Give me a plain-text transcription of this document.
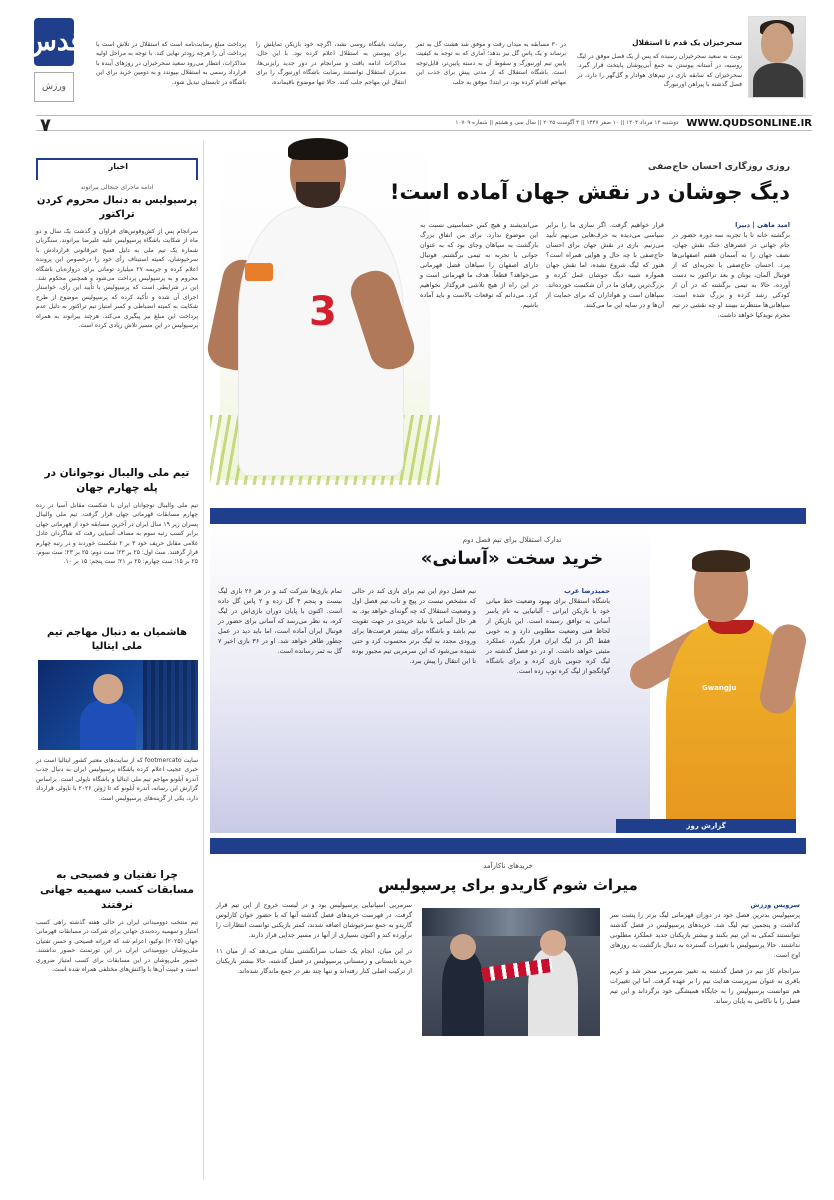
قدس
ورزش
سحرخیزان یک قدم تا استقلال
نوبت به سعید سحرخیزان رسیده که پس از یک فصل موفق در لیگ روسیه، در آستانه پیوستن به جمع آبی‌پوشان پایتخت قرار گیرد. سحرخیزان که سابقه بازی در تیم‌های هوادار و گل‌گهر را دارد، در فصل گذشته با پیراهن اورنبورگ
در ۳۰ مسابقه به میدان رفت و موفق شد هشت گل به ثمر برساند و یک پاس گل نیز بدهد؛ آماری که به توجه به کیفیت پایین تیم اورنبورگ و سقوط آن به دسته پایین‌تر، قابل‌توجه است. باشگاه استقلال که از مدتی پیش برای جذب این مهاجم اقدام کرده بود، در ابتدا؛ موفق به جلب
رضایت باشگاه روسی نشد، اگرچه خود بازیکن تمایلش را برای پیوستن به استقلال اعلام کرده بود. با این حال، مذاکرات ادامه یافت و سرانجام در دور جدید رایزنی‌ها، مدیران استقلال توانستند رضایت باشگاه اورنبورگ را برای انتقال این مهاجم جلب کنند. حالا تنها موضوع باقیمانده،
پرداخت مبلغ رضایت‌نامه است که استقلال در تلاش است با پرداخت آن را هرچه زودتر نهایی کند. با توجه به مراحل اولیه مذاکرات، انتظار می‌رود سعید سحرخیزان در روزهای آینده با قرارداد رسمی به استقلال بپیوندد و به دومین خرید برای این باشگاه در تابستان تبدیل شود.
WWW.QUDSONLINE.IR
دوشنبه ۱۳ مرداد ۱۴۰۴ || ۱۰ صفر ۱۴۴۷ || ۴ آگوست ۲۰۲۵ || سال سی و هشتم || شماره ۱۰۷۰۹
۷
اخبار
ادامه ماجرای جنجالی بیرانوند
پرسپولیس به دنبال محروم کردن تراکتور
سرانجام پس از کش‌وقوس‌های فراوان و گذشت یک سال و دو ماه از شکایت باشگاه پرسپولیس علیه علیرضا بیرانوند، سنگربان شماره یک تیم ملی به دلیل فسخ غیرقانونی قراردادش با سرخپوشان، کمیته استیناف رأی خود را درخصوص این پرونده اعلام کرده و جریمه ۲۷ میلیارد تومانی برای دروازه‌بان باشگاه محروم و به پرسپولیس پرداخت می‌شود و همچنین محکوم شد. این در شرایطی است که پرسپولیس با تأیید این رأی، خواستار اجرای آن شده و تأکید کرده که پرسپولیس موضوع از طرح شکایت به کمیته انضباطی و کسر امتیاز تیم تراکتور به دلیل عدم پرداخت این مبلغ نیز پیگیری می‌کند. هرچند بیرانوند به همراه پرسپولیس در این مسیر تلاش زیادی کرده است.
تیم ملی والیبال نوجوانان در پله چهارم جهان
تیم ملی والیبال نوجوانان ایران با شکست مقابل آسیا در رده چهارم مسابقات قهرمانی جهان قرار گرفت. تیم ملی والیبال پسران زیر ۱۹ سال ایران در آخرین مسابقه خود از قهرمانی جهان برابر کسب رتبه سوم به مصاف آسیایی رفت که شاگردان عادل غلامی مقابل حریف خود ۳ بر ۲ شکست خوردند و در رتبه چهارم قرار گرفتند. ست اول: ۲۵ بر ۲۳؛ ست دوم: ۲۵ بر ۲۳؛ ست سوم: ۲۵ بر ۱۵؛ ست چهارم: ۲۵ بر ۲۱؛ ست پنجم: ۱۵ بر ۱۰.
هاشمیان به دنبال مهاجم تیم ملی ایتالیا
سایت footmercato که از سایت‌های معتبر کشور ایتالیا است در خبری عجیب اعلام کرده باشگاه پرسپولیس ایران به دنبال جذب آندره آبلونو مهاجم تیم ملی ایتالیا و باشگاه ناپولی است. براساس گزارش این رسانه، آندره آبلونو که تا ژوئن ۲۰۲۶ با ناپولی قرارداد دارد، یکی از گزینه‌های پرسپولیس است.
چرا تفتیان و فصیحی به مسابقات کسب سهمیه جهانی نرفتند
تیم منتخب دوومیدانی ایران در حالی هفته گذشته راهی کسب امتیاز و سهمیه رده‌بندی جهانی برای شرکت در مسابقات قهرمانی جهان (۲۰۲۵) توکیو، اعزام شد که فرزانه فصیحی و حسن تفتیان ملی‌پوشان دوومیدانی ایران در این تورنمنت حضور نداشتند. حضور ملی‌پوشان در این مسابقات برای کسب امتیاز ضروری است و غیبت آن‌ها با واکنش‌های مختلفی همراه شده است.
3
روزی روزگاری احسان حاج‌صفی
دیگ جوشان در نقش جهان آماده است!
امید ماهی | دبیرا
برگشته خانه تا با تجربه سه دوره حضور در جام جهانی در عصرهای خنک نقش جهان، نصف جهان را به آسمان هفتم اصفهانی‌ها ببرد. احسان حاج‌صفی با تجربه‌ای که از فوتبال آلمان، یونان و بعد تراکتور به دست آورده، حالا به تیمی برگشته که در آن از کودکی رشد کرده و بزرگ شده است. سپاهانی‌ها منتظرند ببینند او چه نقشی در تیم محرم نویدکیا خواهد داشت.
قرار خواهیم گرفت. اگر سازی ما را برابر سیاسی می‌دیده به حرف‌هایی می‌نهم تأیید می‌زنیم. بازی در نقش جهان برای احسان حاج‌صفی با چه حال و هوایی همراه است؟ هنوز که لیگ شروع نشده، اما نقش جهان همواره شبیه دیگ جوشان عمل کرده و بزرگ‌ترین رقبای ما در آن شکست خورده‌اند. سپاهان است و هواداران که برای حمایت از آن‌ها و در سایه این ما می‌کنند.
می‌اندیشند و هیچ کس حساسیتی نسبت به این موضوع ندارد. برای من اتفاق بزرگ بازگشت به سپاهان وجای بود که به عنوان جوانی با تجربه به تیمی برگشتم. فوتبال دارای اصفهان را سپاهان فصل قهرمانی می‌خواهد؟ قطعاً. هدف ما قهرمانی است و در این راه از هیچ تلاشی فروگذار نخواهیم کرد. می‌دانم که توقعات بالاست و باید آماده باشیم.
تدارک استقلال برای تیم فصل دوم
خرید سخت «آسانی»
حمیدرضا عرب
باشگاه استقلال برای بهبود وضعیت خط میانی خود با بازیکن ایرانی - آلبانیایی به نام یاسر آسانی به توافق رسیده است. این بازیکن از لحاظ فنی وضعیت مطلوبی دارد و به خوبی فقط اگر در لیگ ایران قرار بگیرد، عملکرد مثبتی خواهد داشت. او در دو فصل گذشته در لیگ کره جنوبی بازی کرده و برای باشگاه گوانگجو از لیگ کره توپ زده است.
تیم فصل دوم این تیم برای بازی کند در حالی که مشخص نیست در پیچ و تاب تیم فصل اول و وضعیت استقلال که چه گونه‌ای خواهد بود. به هر حال آسانی با نیاید خریدی در جهت تقویت تیم باشد و باشگاه برای بیشتر فرصت‌ها برای ورودی مجدد به لیگ برتر محسوب کرد و حتی شنیده می‌شود که این سرمربی تیم مجبور بوده تا این انتقال را پیش ببرد.
تمام بازی‌ها شرکت کند و در هر ۲۶ بازی لیگ بیست و پنجم ۴ گل زده و ۲ پاس گل داده است. اکنون با پایان دوران بازی‌اش در لیگ کره، به نظر می‌رسد که آسانی برای حضور در فوتبال ایران آماده است، اما باید دید در عمل چطور ظاهر خواهد شد. او در ۳۶ بازی اخیر ۷ گل به ثمر رسانده است.
Gwangju
گزارش روز
خریدهای ناکارآمد
میراث شوم گاریدو برای پرسپولیس
سرویس ورزش
پرسپولیس بدترین فصل خود در دوران قهرمانی لیگ برتر را پشت سر گذاشت و پنجمین تیم لیگ شد. خریدهای پرسپولیس در فصل گذشته نتوانستند کمکی به این تیم بکنند و بیشتر بازیکنان جدید عملکرد مطلوبی نداشتند. حالا پرسپولیس با تغییرات گسترده به دنبال بازگشت به روزهای اوج است.
سرانجام کار تیم در فصل گذشته به تغییر سرمربی منجر شد و کریم باقری به عنوان سرپرست هدایت تیم را بر عهده گرفت. اما این تغییرات هم نتوانست پرسپولیس را به جایگاه همیشگی خود برگرداند و این تیم فصل را با ناکامی به پایان رساند.
سرمربی اسپانیایی پرسپولیس بود و در لیست خروج از این تیم قرار گرفت. در فهرست خریدهای فصل گذشته آنها که با حضور خوان کارلوس گاریدو به جمع سرخپوشان اضافه شدند، کمتر بازیکنی توانست انتظارات را برآورده کند و اکنون بسیاری از آنها در مسیر جدایی قرار دارند.
در این میان، انجام یک حساب سرانگشتی نشان می‌دهد که از میان ۱۱ خرید تابستانی و زمستانی پرسپولیس در فصل گذشته، حالا بیشتر بازیکنان از ترکیب اصلی کنار رفته‌اند و تنها چند نفر در جمع ماندگار شده‌اند.
